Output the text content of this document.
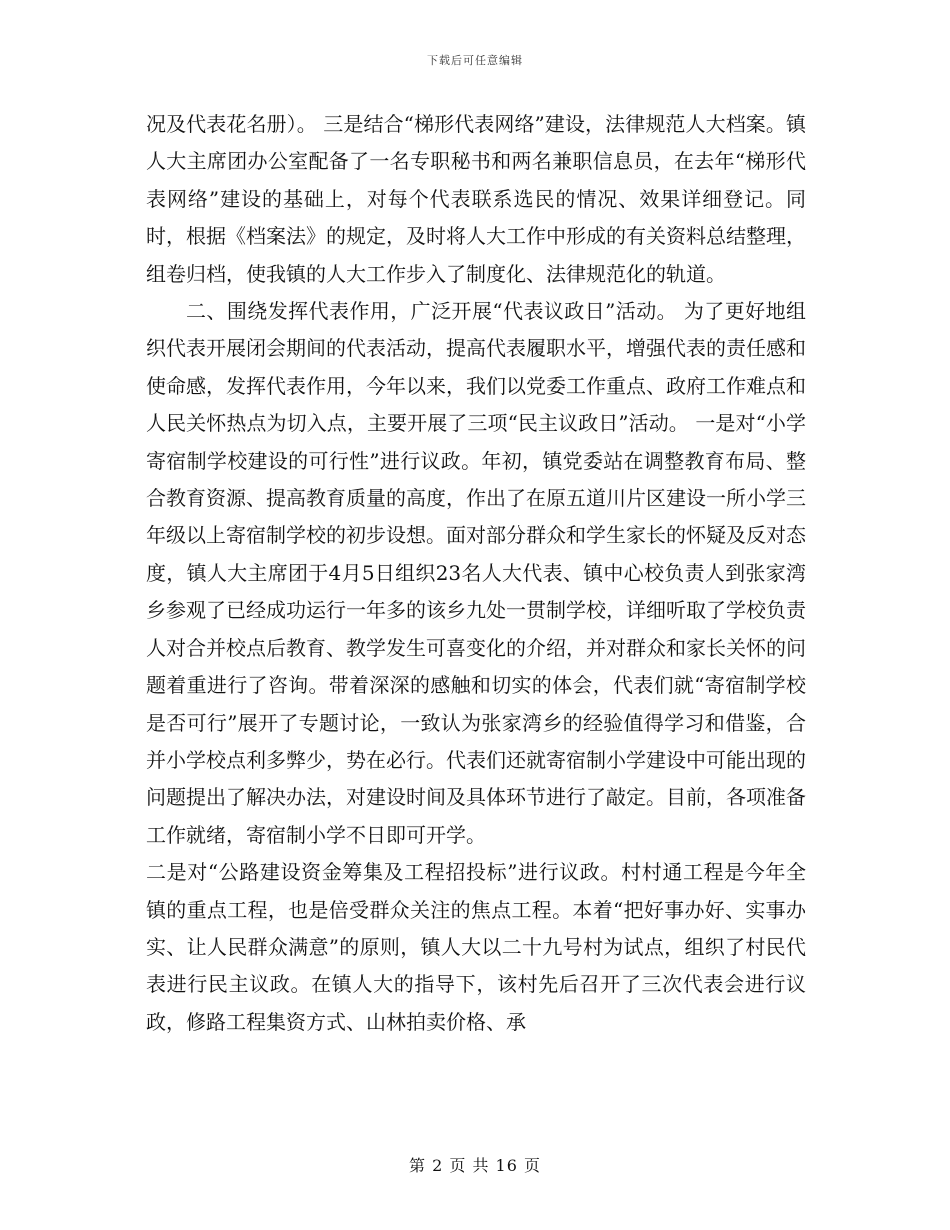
下载后可任意编辑

况及代表花名册）。 三是结合“梯形代表网络”建设，法律规范人大档案。镇人大主席团办公室配备了一名专职秘书和两名兼职信息员，在去年“梯形代表网络”建设的基础上，对每个代表联系选民的情况、效果详细登记。同时，根据《档案法》的规定，及时将人大工作中形成的有关资料总结整理，组卷归档，使我镇的人大工作步入了制度化、法律规范化的轨道。

二、围绕发挥代表作用，广泛开展“代表议政日”活动。 为了更好地组织代表开展闭会期间的代表活动，提高代表履职水平，增强代表的责任感和使命感，发挥代表作用，今年以来，我们以党委工作重点、政府工作难点和人民关怀热点为切入点，主要开展了三项“民主议政日”活动。 一是对“小学寄宿制学校建设的可行性”进行议政。年初，镇党委站在调整教育布局、整合教育资源、提高教育质量的高度，作出了在原五道川片区建设一所小学三年级以上寄宿制学校的初步设想。面对部分群众和学生家长的怀疑及反对态度，镇人大主席团于4月5日组织23名人大代表、镇中心校负责人到张家湾乡参观了已经成功运行一年多的该乡九处一贯制学校，详细听取了学校负责人对合并校点后教育、教学发生可喜变化的介绍，并对群众和家长关怀的问题着重进行了咨询。带着深深的感触和切实的体会，代表们就“寄宿制学校是否可行”展开了专题讨论，一致认为张家湾乡的经验值得学习和借鉴，合并小学校点利多弊少，势在必行。代表们还就寄宿制小学建设中可能出现的问题提出了解决办法，对建设时间及具体环节进行了敲定。目前，各项准备工作就绪，寄宿制小学不日即可开学。

二是对“公路建设资金筹集及工程招投标”进行议政。村村通工程是今年全镇的重点工程，也是倍受群众关注的焦点工程。本着“把好事办好、实事办实、让人民群众满意”的原则，镇人大以二十九号村为试点，组织了村民代表进行民主议政。在镇人大的指导下，该村先后召开了三次代表会进行议政，修路工程集资方式、山林拍卖价格、承

第 2 页 共 16 页
